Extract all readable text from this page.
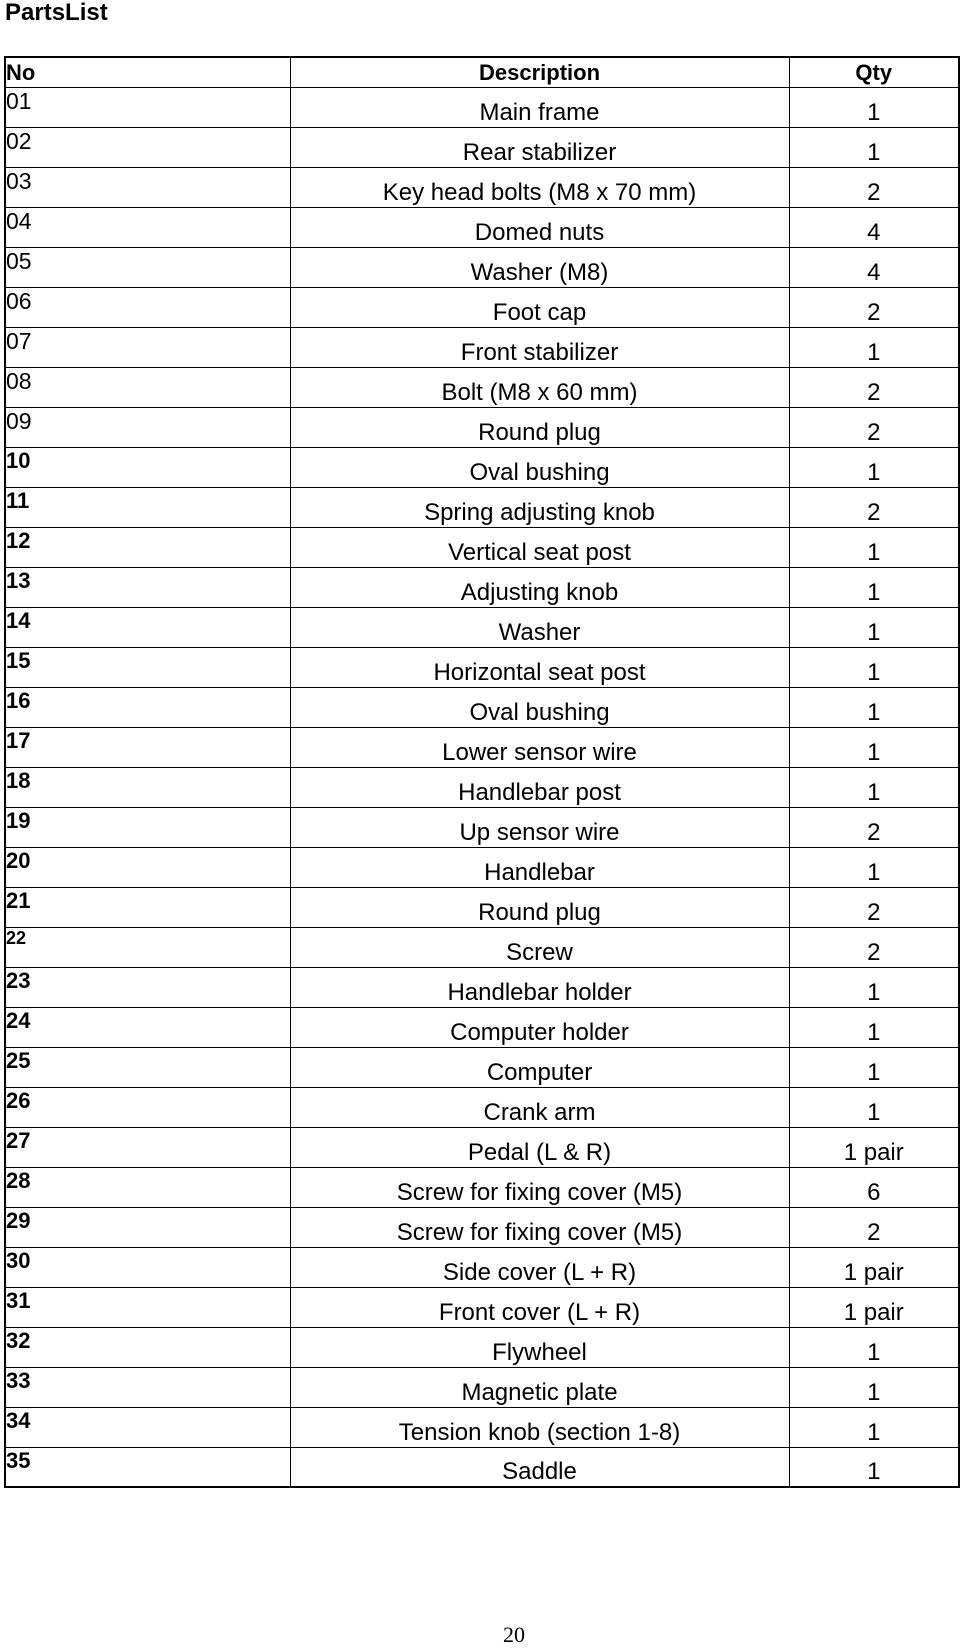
PartsList
No	Description	Qty
01	Main frame	1
02	Rear stabilizer	1
03	Key head bolts (M8 x 70 mm)	2
04	Domed nuts	4
05	Washer (M8)	4
06	Foot cap	2
07	Front stabilizer	1
08	Bolt (M8 x 60 mm)	2
09	Round plug	2
10	Oval bushing	1
11	Spring adjusting knob	2
12	Vertical seat post	1
13	Adjusting knob	1
14	Washer	1
15	Horizontal seat post	1
16	Oval bushing	1
17	Lower sensor wire	1
18	Handlebar post	1
19	Up sensor wire	2
20	Handlebar	1
21	Round plug	2
22	Screw	2
23	Handlebar holder	1
24	Computer holder	1
25	Computer	1
26	Crank arm	1
27	Pedal (L & R)	1 pair
28	Screw for fixing cover (M5)	6
29	Screw for fixing cover (M5)	2
30	Side cover (L + R)	1 pair
31	Front cover (L + R)	1 pair
32	Flywheel	1
33	Magnetic plate	1
34	Tension knob (section 1-8)	1
35	Saddle	1
20
